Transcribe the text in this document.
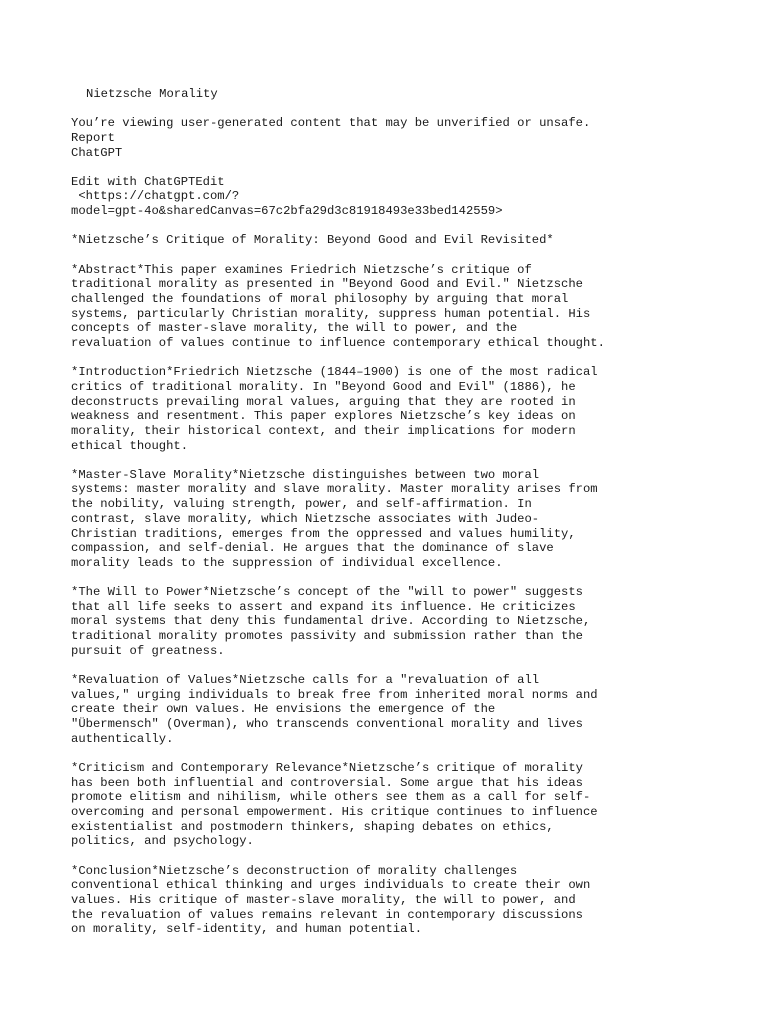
Nietzsche Morality
You’re viewing user-generated content that may be unverified or unsafe.
Report
ChatGPT
Edit with ChatGPTEdit
<https://chatgpt.com/?
model=gpt-4o&sharedCanvas=67c2bfa29d3c81918493e33bed142559>
*Nietzsche’s Critique of Morality: Beyond Good and Evil Revisited*
*Abstract*This paper examines Friedrich Nietzsche’s critique of
traditional morality as presented in "Beyond Good and Evil." Nietzsche
challenged the foundations of moral philosophy by arguing that moral
systems, particularly Christian morality, suppress human potential. His
concepts of master-slave morality, the will to power, and the
revaluation of values continue to influence contemporary ethical thought.
*Introduction*Friedrich Nietzsche (1844–1900) is one of the most radical
critics of traditional morality. In "Beyond Good and Evil" (1886), he
deconstructs prevailing moral values, arguing that they are rooted in
weakness and resentment. This paper explores Nietzsche’s key ideas on
morality, their historical context, and their implications for modern
ethical thought.
*Master-Slave Morality*Nietzsche distinguishes between two moral
systems: master morality and slave morality. Master morality arises from
the nobility, valuing strength, power, and self-affirmation. In
contrast, slave morality, which Nietzsche associates with Judeo-
Christian traditions, emerges from the oppressed and values humility,
compassion, and self-denial. He argues that the dominance of slave
morality leads to the suppression of individual excellence.
*The Will to Power*Nietzsche’s concept of the "will to power" suggests
that all life seeks to assert and expand its influence. He criticizes
moral systems that deny this fundamental drive. According to Nietzsche,
traditional morality promotes passivity and submission rather than the
pursuit of greatness.
*Revaluation of Values*Nietzsche calls for a "revaluation of all
values," urging individuals to break free from inherited moral norms and
create their own values. He envisions the emergence of the
"Übermensch" (Overman), who transcends conventional morality and lives
authentically.
*Criticism and Contemporary Relevance*Nietzsche’s critique of morality
has been both influential and controversial. Some argue that his ideas
promote elitism and nihilism, while others see them as a call for self-
overcoming and personal empowerment. His critique continues to influence
existentialist and postmodern thinkers, shaping debates on ethics,
politics, and psychology.
*Conclusion*Nietzsche’s deconstruction of morality challenges
conventional ethical thinking and urges individuals to create their own
values. His critique of master-slave morality, the will to power, and
the revaluation of values remains relevant in contemporary discussions
on morality, self-identity, and human potential.
